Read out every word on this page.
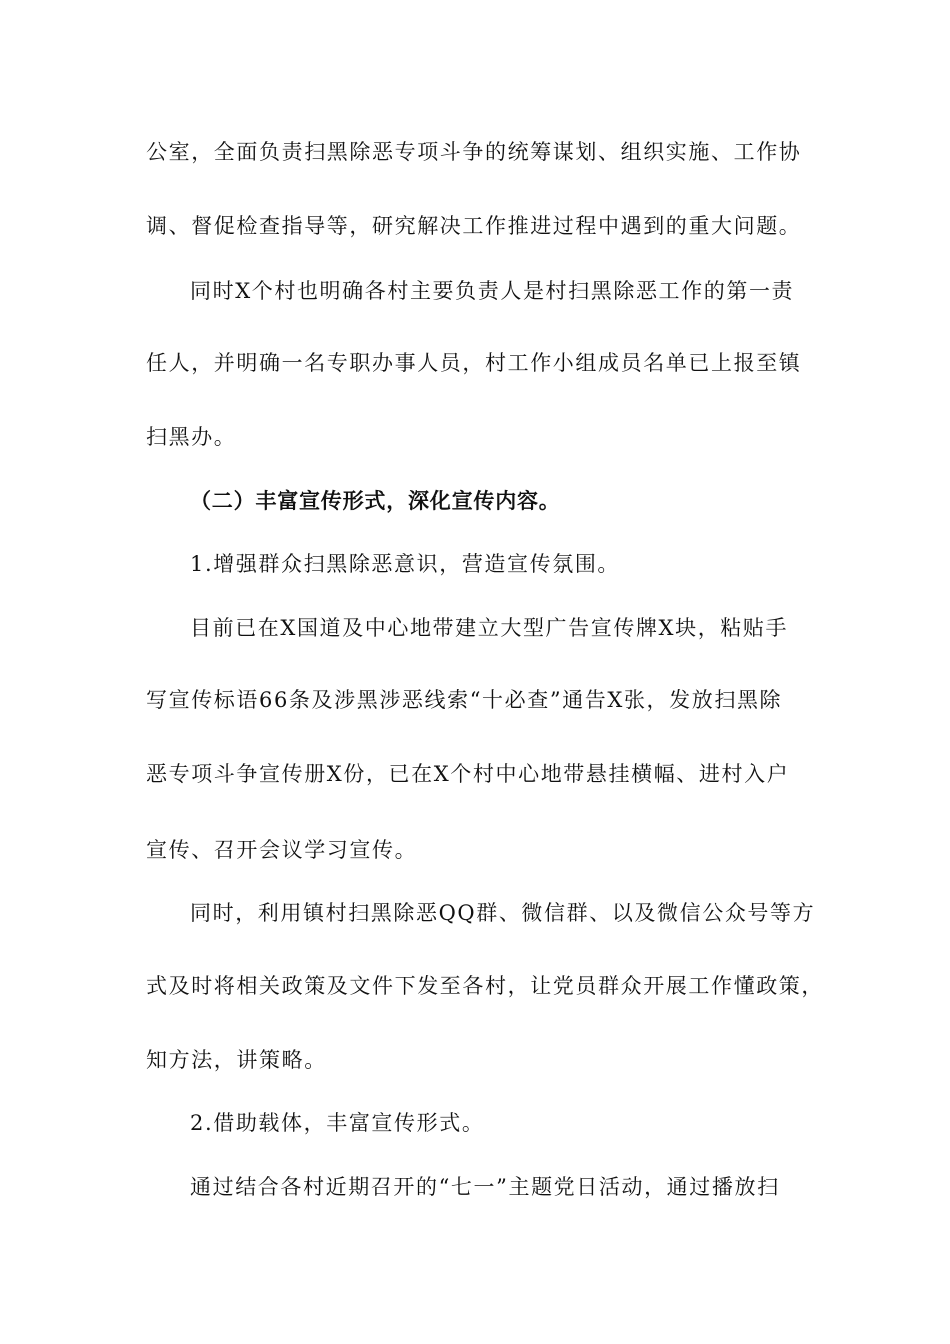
公室，全面负责扫黑除恶专项斗争的统筹谋划、组织实施、工作协
调、督促检查指导等，研究解决工作推进过程中遇到的重大问题。
同时X个村也明确各村主要负责人是村扫黑除恶工作的第一责
任人，并明确一名专职办事人员，村工作小组成员名单已上报至镇
扫黑办。
（二）丰富宣传形式，深化宣传内容。
1.增强群众扫黑除恶意识，营造宣传氛围。
目前已在X国道及中心地带建立大型广告宣传牌X块，粘贴手
写宣传标语66条及涉黑涉恶线索“十必查”通告X张，发放扫黑除
恶专项斗争宣传册X份，已在X个村中心地带悬挂横幅、进村入户
宣传、召开会议学习宣传。
同时，利用镇村扫黑除恶QQ群、微信群、以及微信公众号等方
式及时将相关政策及文件下发至各村，让党员群众开展工作懂政策，
知方法，讲策略。
2.借助载体，丰富宣传形式。
通过结合各村近期召开的“七一”主题党日活动，通过播放扫
